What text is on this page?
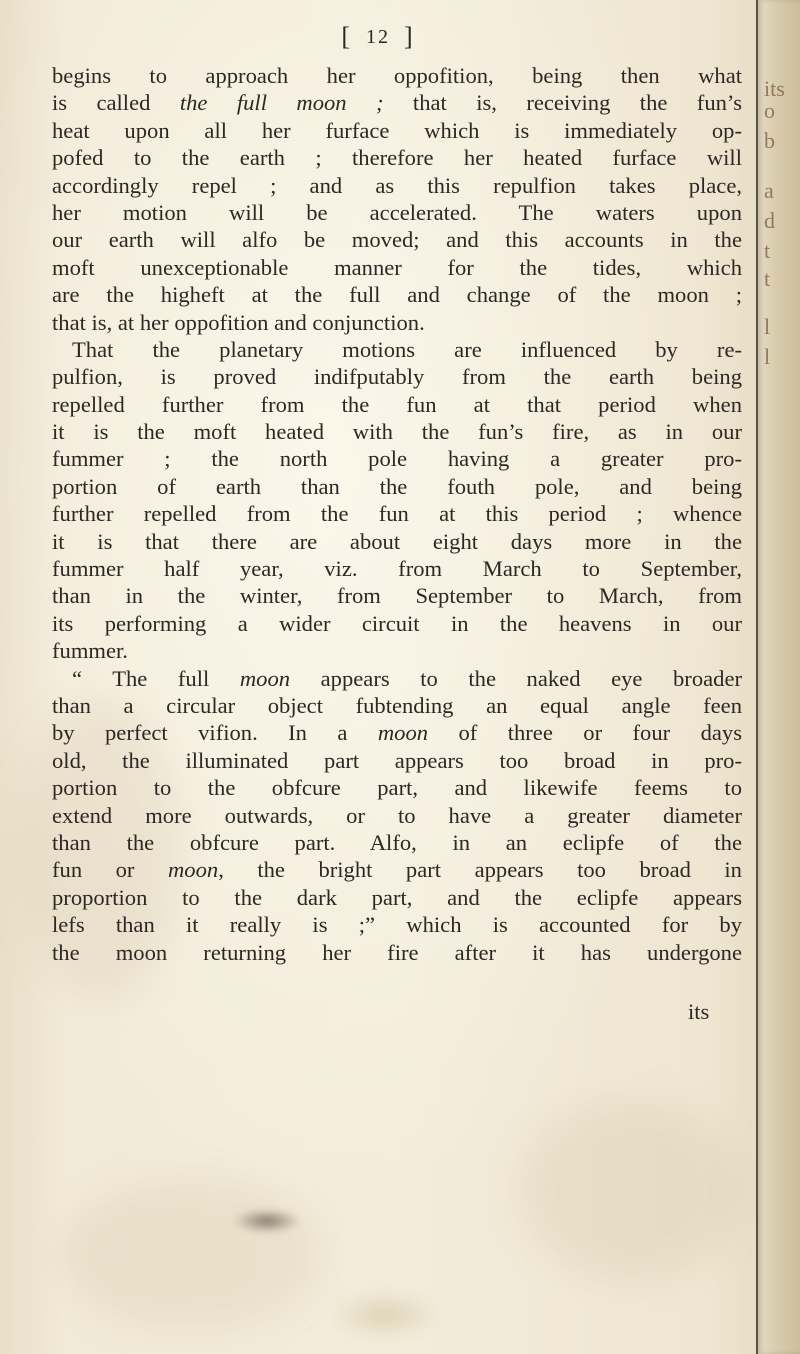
[ 12 ]
begins to approach her oppofition, being then what
is called the full moon ; that is, receiving the fun’s
heat upon all her furface which is immediately op-
pofed to the earth ; therefore her heated furface will
accordingly repel ; and as this repulfion takes place,
her motion will be accelerated. The waters upon
our earth will alfo be moved; and this accounts in the
moft unexceptionable manner for the tides, which
are the higheft at the full and change of the moon ;
that is, at her oppofition and conjunction.
That the planetary motions are influenced by re-
pulfion, is proved indifputably from the earth being
repelled further from the fun at that period when
it is the moft heated with the fun’s fire, as in our
fummer ; the north pole having a greater pro-
portion of earth than the fouth pole, and being
further repelled from the fun at this period ; whence
it is that there are about eight days more in the
fummer half year, viz. from March to September,
than in the winter, from September to March, from
its performing a wider circuit in the heavens in our
fummer.
“ The full moon appears to the naked eye broader
than a circular object fubtending an equal angle feen
by perfect vifion. In a moon of three or four days
old, the illuminated part appears too broad in pro-
portion to the obfcure part, and likewife feems to
extend more outwards, or to have a greater diameter
than the obfcure part. Alfo, in an eclipfe of the
fun or moon, the bright part appears too broad in
proportion to the dark part, and the eclipfe appears
lefs than it really is ;” which is accounted for by
the moon returning her fire after it has undergone
its
its
o
b
a
d
t
t
l
l
